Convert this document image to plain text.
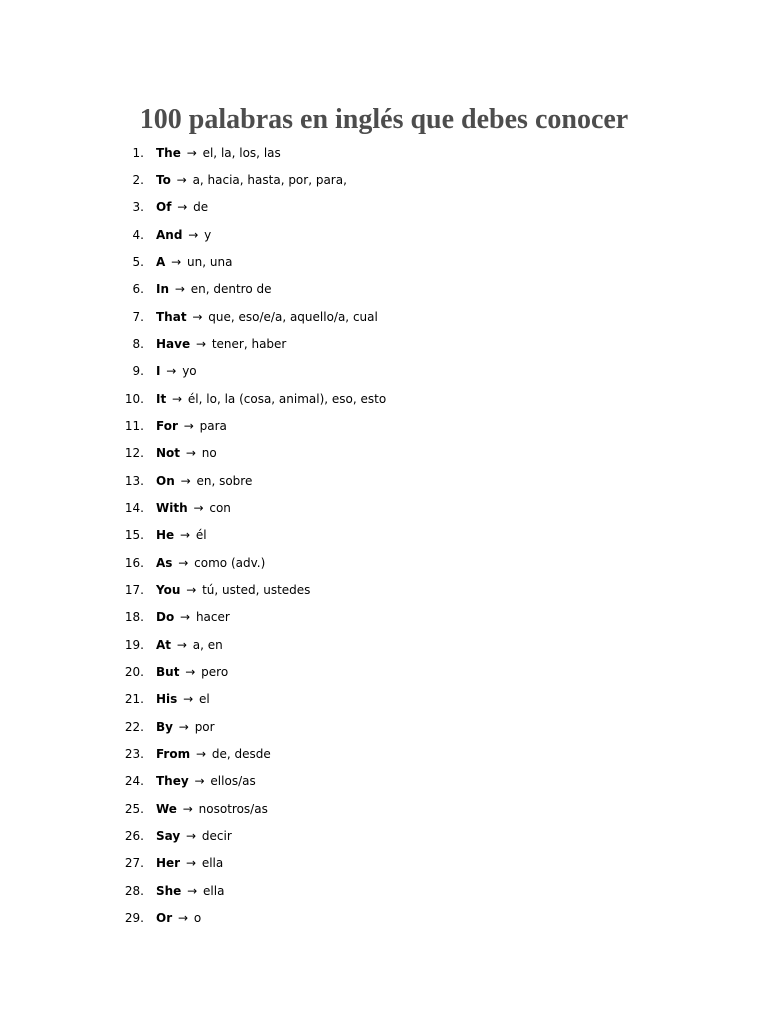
100 palabras en inglés que debes conocer
1. The → el, la, los, las
2. To → a, hacia, hasta, por, para,
3. Of → de
4. And → y
5. A → un, una
6. In → en, dentro de
7. That → que, eso/e/a, aquello/a, cual
8. Have → tener, haber
9. I → yo
10. It → él, lo, la (cosa, animal), eso, esto
11. For → para
12. Not → no
13. On → en, sobre
14. With → con
15. He → él
16. As → como (adv.)
17. You → tú, usted, ustedes
18. Do → hacer
19. At → a, en
20. But → pero
21. His → el
22. By → por
23. From → de, desde
24. They → ellos/as
25. We → nosotros/as
26. Say → decir
27. Her → ella
28. She → ella
29. Or → o
